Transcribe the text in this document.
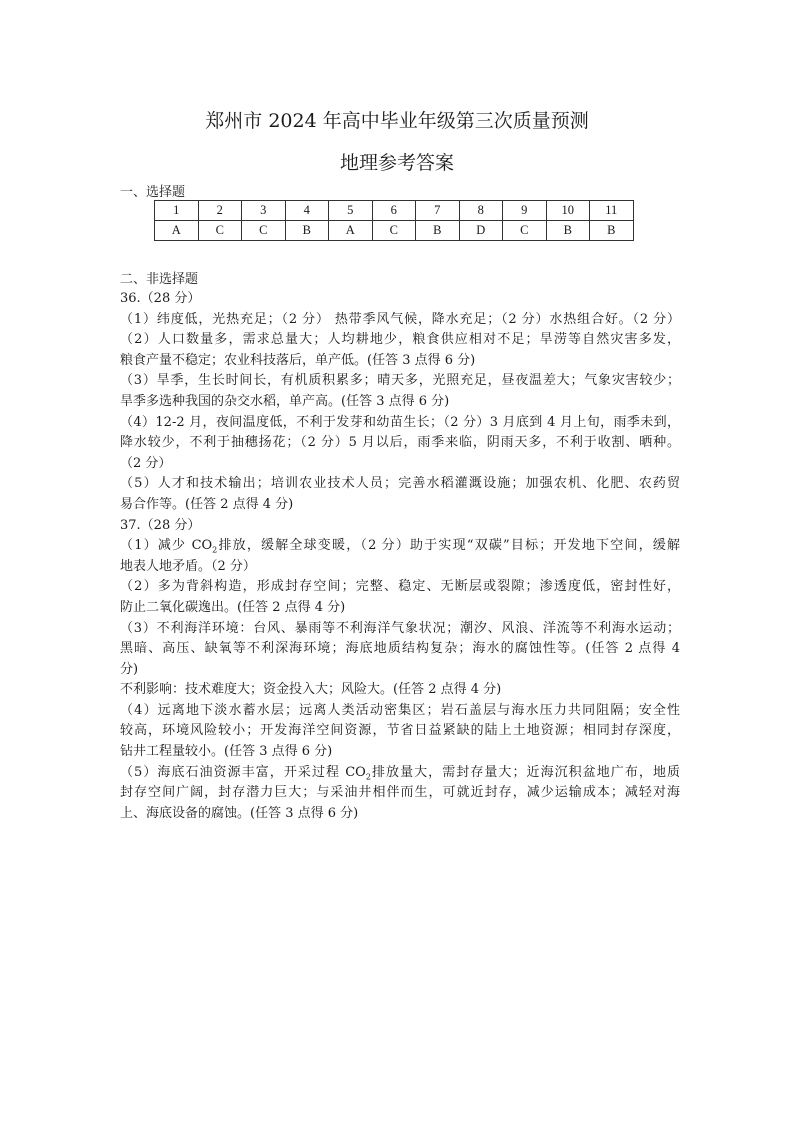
郑州市 2024 年高中毕业年级第三次质量预测
地理参考答案
一、选择题
1	2	3	4	5	6	7	8	9	10	11
A	C	C	B	A	C	B	D	C	B	B
二、非选择题
36.（28 分）
（1）纬度低，光热充足；（2 分） 热带季风气候，降水充足；（2 分）水热组合好。（2 分）
（2）人口数量多，需求总量大；人均耕地少，粮食供应相对不足；旱涝等自然灾害多发，
粮食产量不稳定；农业科技落后，单产低。(任答 3 点得 6 分)
（3）旱季，生长时间长，有机质积累多；晴天多，光照充足，昼夜温差大；气象灾害较少；
旱季多选种我国的杂交水稻，单产高。(任答 3 点得 6 分)
（4）12-2 月，夜间温度低，不利于发芽和幼苗生长；（2 分）3 月底到 4 月上旬，雨季未到，
降水较少，不利于抽穗扬花；（2 分）5 月以后，雨季来临，阴雨天多，不利于收割、晒种。
（2 分）
（5）人才和技术输出；培训农业技术人员；完善水稻灌溉设施；加强农机、化肥、农药贸
易合作等。(任答 2 点得 4 分)
37.（28 分）
（1）减少 $CO_2$排放，缓解全球变暖，（2 分）助于实现“双碳”目标；开发地下空间，缓解
地表人地矛盾。（2 分）
（2）多为背斜构造，形成封存空间；完整、稳定、无断层或裂隙；渗透度低，密封性好，
防止二氧化碳逸出。(任答 2 点得 4 分)
（3）不利海洋环境：台风、暴雨等不利海洋气象状况；潮汐、风浪、洋流等不利海水运动；
黑暗、高压、缺氧等不利深海环境；海底地质结构复杂；海水的腐蚀性等。(任答 2 点得 4
分)
不利影响：技术难度大；资金投入大；风险大。(任答 2 点得 4 分)
（4）远离地下淡水蓄水层；远离人类活动密集区；岩石盖层与海水压力共同阻隔；安全性
较高，环境风险较小；开发海洋空间资源，节省日益紧缺的陆上土地资源；相同封存深度，
钻井工程量较小。(任答 3 点得 6 分)
（5）海底石油资源丰富，开采过程 $CO_2$排放量大，需封存量大；近海沉积盆地广布，地质
封存空间广阔，封存潜力巨大；与采油井相伴而生，可就近封存，减少运输成本；减轻对海
上、海底设备的腐蚀。(任答 3 点得 6 分)
